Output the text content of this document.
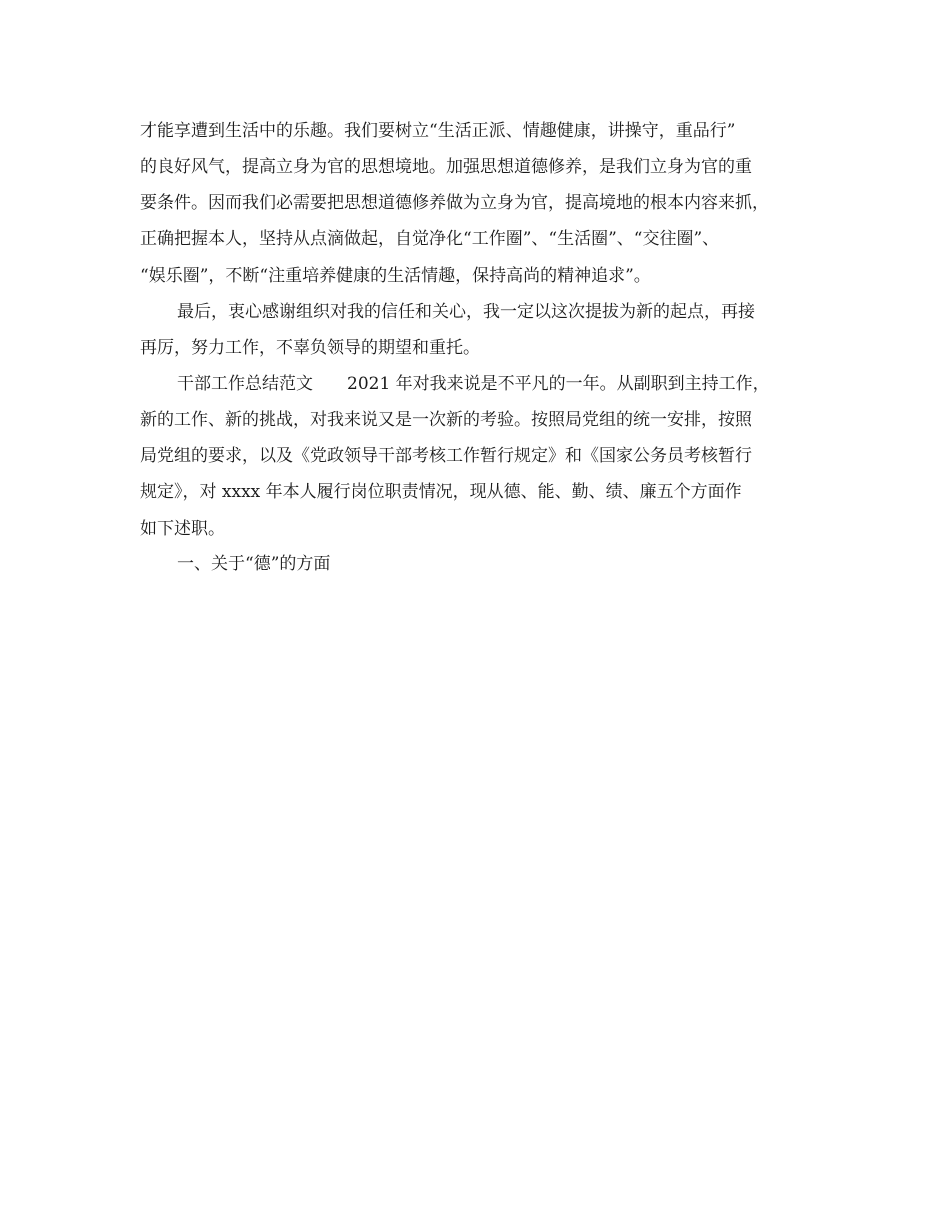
才能享遭到生活中的乐趣。我们要树立“生活正派、情趣健康，讲操守，重品行”
的良好风气，提高立身为官的思想境地。加强思想道德修养，是我们立身为官的重
要条件。因而我们必需要把思想道德修养做为立身为官，提高境地的根本内容来抓，
正确把握本人，坚持从点滴做起，自觉净化“工作圈”、“生活圈”、“交往圈”、
“娱乐圈”，不断“注重培养健康的生活情趣，保持高尚的精神追求”。
最后，衷心感谢组织对我的信任和关心，我一定以这次提拔为新的起点，再接
再厉，努力工作，不辜负领导的期望和重托。
干部工作总结范文　　2021 年对我来说是不平凡的一年。从副职到主持工作，
新的工作、新的挑战，对我来说又是一次新的考验。按照局党组的统一安排，按照
局党组的要求，以及《党政领导干部考核工作暂行规定》和《国家公务员考核暂行
规定》，对 xxxx 年本人履行岗位职责情况，现从德、能、勤、绩、廉五个方面作
如下述职。
一、关于“德”的方面
